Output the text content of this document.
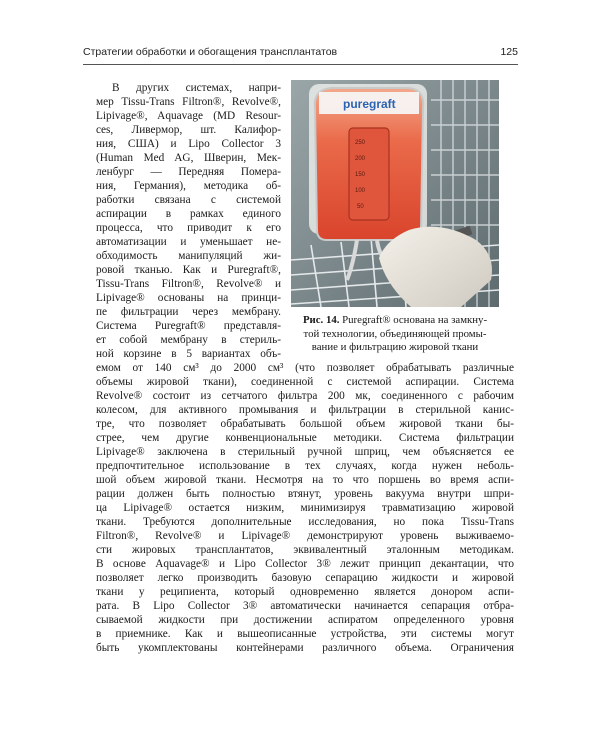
Стратегии обработки и обогащения трансплантатов	125
puregraft
250
200
150
100
50
Рис. 14. Puregraft® основана на замкну-
той технологии, объединяющей промы-
вание и фильтрацию жировой ткани
В других системах, напри-
мер Tissu-Trans Filtron®, Revolve®,
Lipivage®, Aquavage (MD Resour-
ces, Ливермор, шт. Калифор-
ния, США) и Lipo Collector 3
(Human Med AG, Шверин, Мек-
ленбург — Передняя Помера-
ния, Германия), методика об-
работки связана с системой
аспирации в рамках единого
процесса, что приводит к его
автоматизации и уменьшает не-
обходимость манипуляций жи-
ровой тканью. Как и Puregraft®,
Tissu-Trans Filtron®, Revolve® и
Lipivage® основаны на принци-
пе фильтрации через мембрану.
Система Puregraft® представля-
ет собой мембрану в стериль-
ной корзине в 5 вариантах объ-
емом от 140 см³ до 2000 см³ (что позволяет обрабатывать различные
объемы жировой ткани), соединенной с системой аспирации. Система
Revolve® состоит из сетчатого фильтра 200 мк, соединенного с рабочим
колесом, для активного промывания и фильтрации в стерильной канис-
тре, что позволяет обрабатывать большой объем жировой ткани бы-
стрее, чем другие конвенциональные методики. Система фильтрации
Lipivage® заключена в стерильный ручной шприц, чем объясняется ее
предпочтительное использование в тех случаях, когда нужен неболь-
шой объем жировой ткани. Несмотря на то что поршень во время аспи-
рации должен быть полностью втянут, уровень вакуума внутри шпри-
ца Lipivage® остается низким, минимизируя травматизацию жировой
ткани. Требуются дополнительные исследования, но пока Tissu-Trans
Filtron®, Revolve® и Lipivage® демонстрируют уровень выживаемо-
сти жировых трансплантатов, эквивалентный эталонным методикам.
В основе Aquavage® и Lipo Collector 3® лежит принцип декантации, что
позволяет легко производить базовую сепарацию жидкости и жировой
ткани у реципиента, который одновременно является донором аспи-
рата. В Lipo Collector 3® автоматически начинается сепарация отбра-
сываемой жидкости при достижении аспиратом определенного уровня
в приемнике. Как и вышеописанные устройства, эти системы могут
быть укомплектованы контейнерами различного объема. Ограничения
